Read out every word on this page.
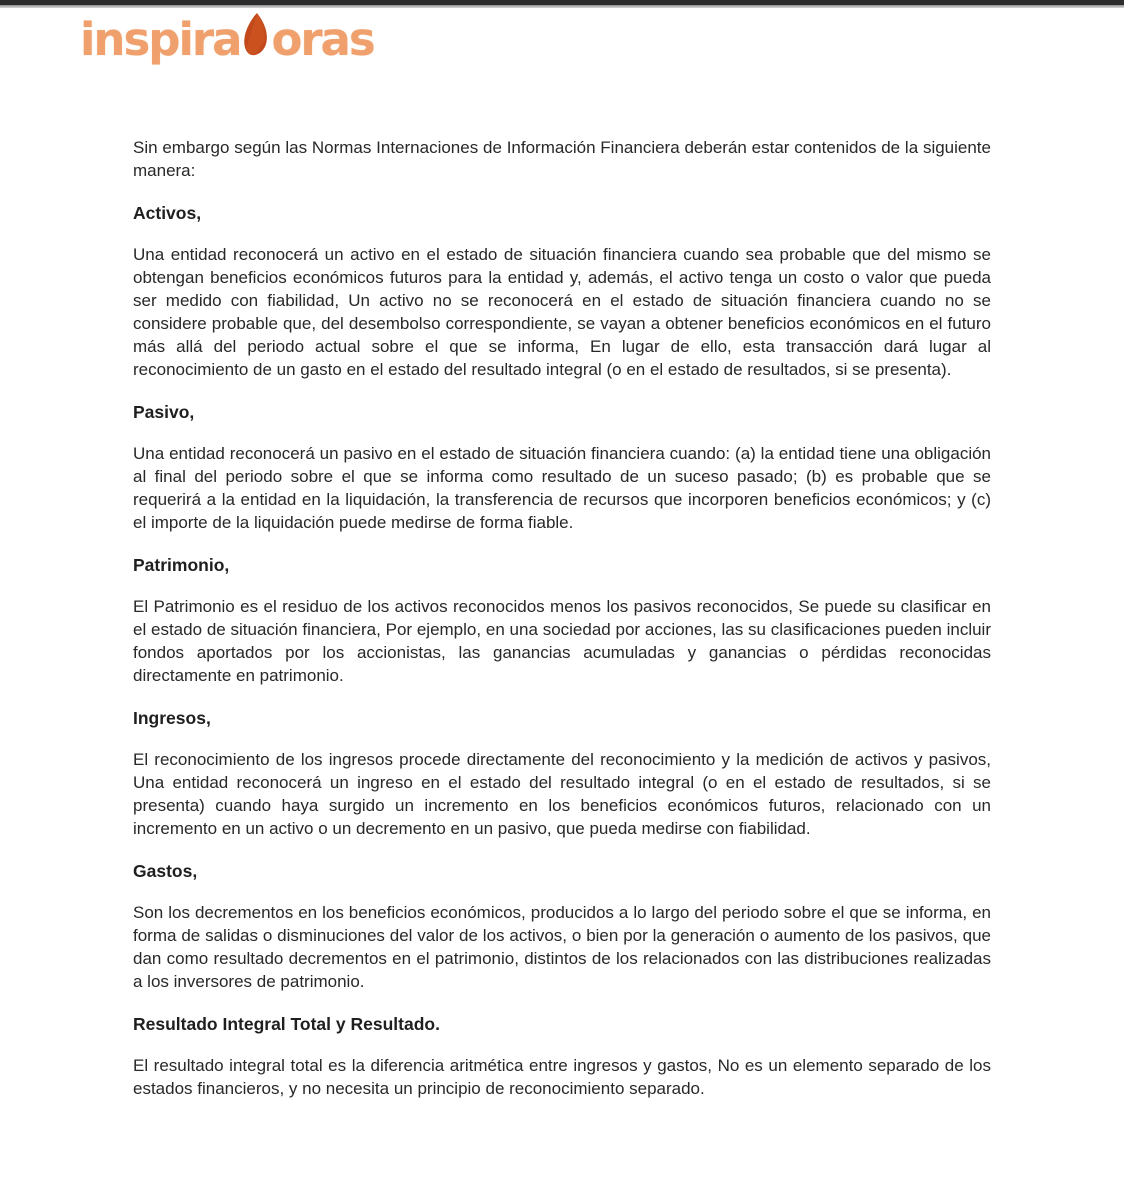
inspira oras

Sin embargo según las Normas Internaciones de Información Financiera deberán estar contenidos de la siguiente manera:

Activos,

Una entidad reconocerá un activo en el estado de situación financiera cuando sea probable que del mismo se obtengan beneficios económicos futuros para la entidad y, además, el activo tenga un costo o valor que pueda ser medido con fiabilidad, Un activo no se reconocerá en el estado de situación financiera cuando no se considere probable que, del desembolso correspondiente, se vayan a obtener beneficios económicos en el futuro más allá del periodo actual sobre el que se informa, En lugar de ello, esta transacción dará lugar al reconocimiento de un gasto en el estado del resultado integral (o en el estado de resultados, si se presenta).

Pasivo,

Una entidad reconocerá un pasivo en el estado de situación financiera cuando: (a) la entidad tiene una obligación al final del periodo sobre el que se informa como resultado de un suceso pasado; (b) es probable que se requerirá a la entidad en la liquidación, la transferencia de recursos que incorporen beneficios económicos; y (c) el importe de la liquidación puede medirse de forma fiable.

Patrimonio,

El Patrimonio es el residuo de los activos reconocidos menos los pasivos reconocidos, Se puede su clasificar en el estado de situación financiera, Por ejemplo, en una sociedad por acciones, las su clasificaciones pueden incluir fondos aportados por los accionistas, las ganancias acumuladas y ganancias o pérdidas reconocidas directamente en patrimonio.

Ingresos,

El reconocimiento de los ingresos procede directamente del reconocimiento y la medición de activos y pasivos, Una entidad reconocerá un ingreso en el estado del resultado integral (o en el estado de resultados, si se presenta) cuando haya surgido un incremento en los beneficios económicos futuros, relacionado con un incremento en un activo o un decremento en un pasivo, que pueda medirse con fiabilidad.

Gastos,

Son los decrementos en los beneficios económicos, producidos a lo largo del periodo sobre el que se informa, en forma de salidas o disminuciones del valor de los activos, o bien por la generación o aumento de los pasivos, que dan como resultado decrementos en el patrimonio, distintos de los relacionados con las distribuciones realizadas a los inversores de patrimonio.

Resultado Integral Total y Resultado.

El resultado integral total es la diferencia aritmética entre ingresos y gastos, No es un elemento separado de los estados financieros, y no necesita un principio de reconocimiento separado.
